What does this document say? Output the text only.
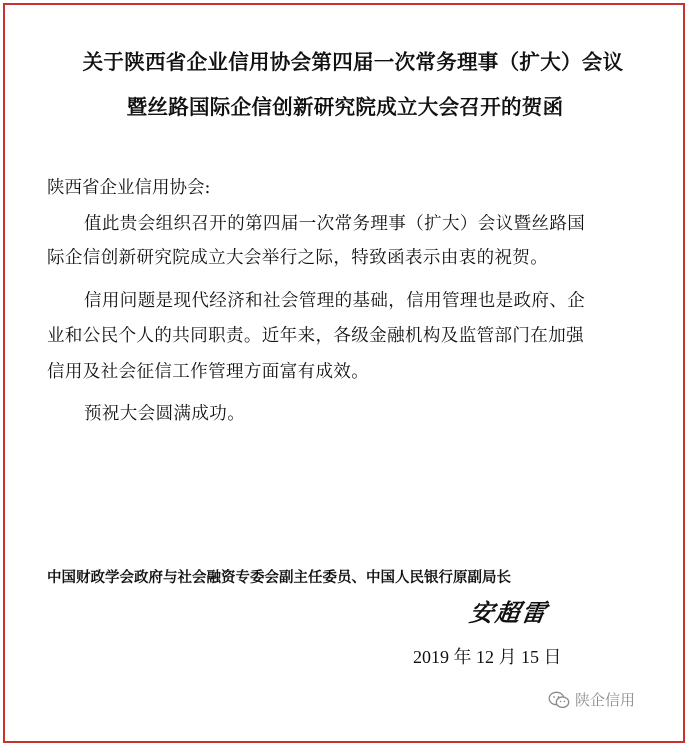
关于陕西省企业信用协会第四届一次常务理事（扩大）会议
暨丝路国际企信创新研究院成立大会召开的贺函
陕西省企业信用协会:
值此贵会组织召开的第四届一次常务理事（扩大）会议暨丝路国
际企信创新研究院成立大会举行之际，特致函表示由衷的祝贺。
信用问题是现代经济和社会管理的基础，信用管理也是政府、企
业和公民个人的共同职责。近年来，各级金融机构及监管部门在加强
信用及社会征信工作管理方面富有成效。
预祝大会圆满成功。
中国财政学会政府与社会融资专委会副主任委员、中国人民银行原副局长
安超雷
2019 年 12 月 15 日
陕企信用
